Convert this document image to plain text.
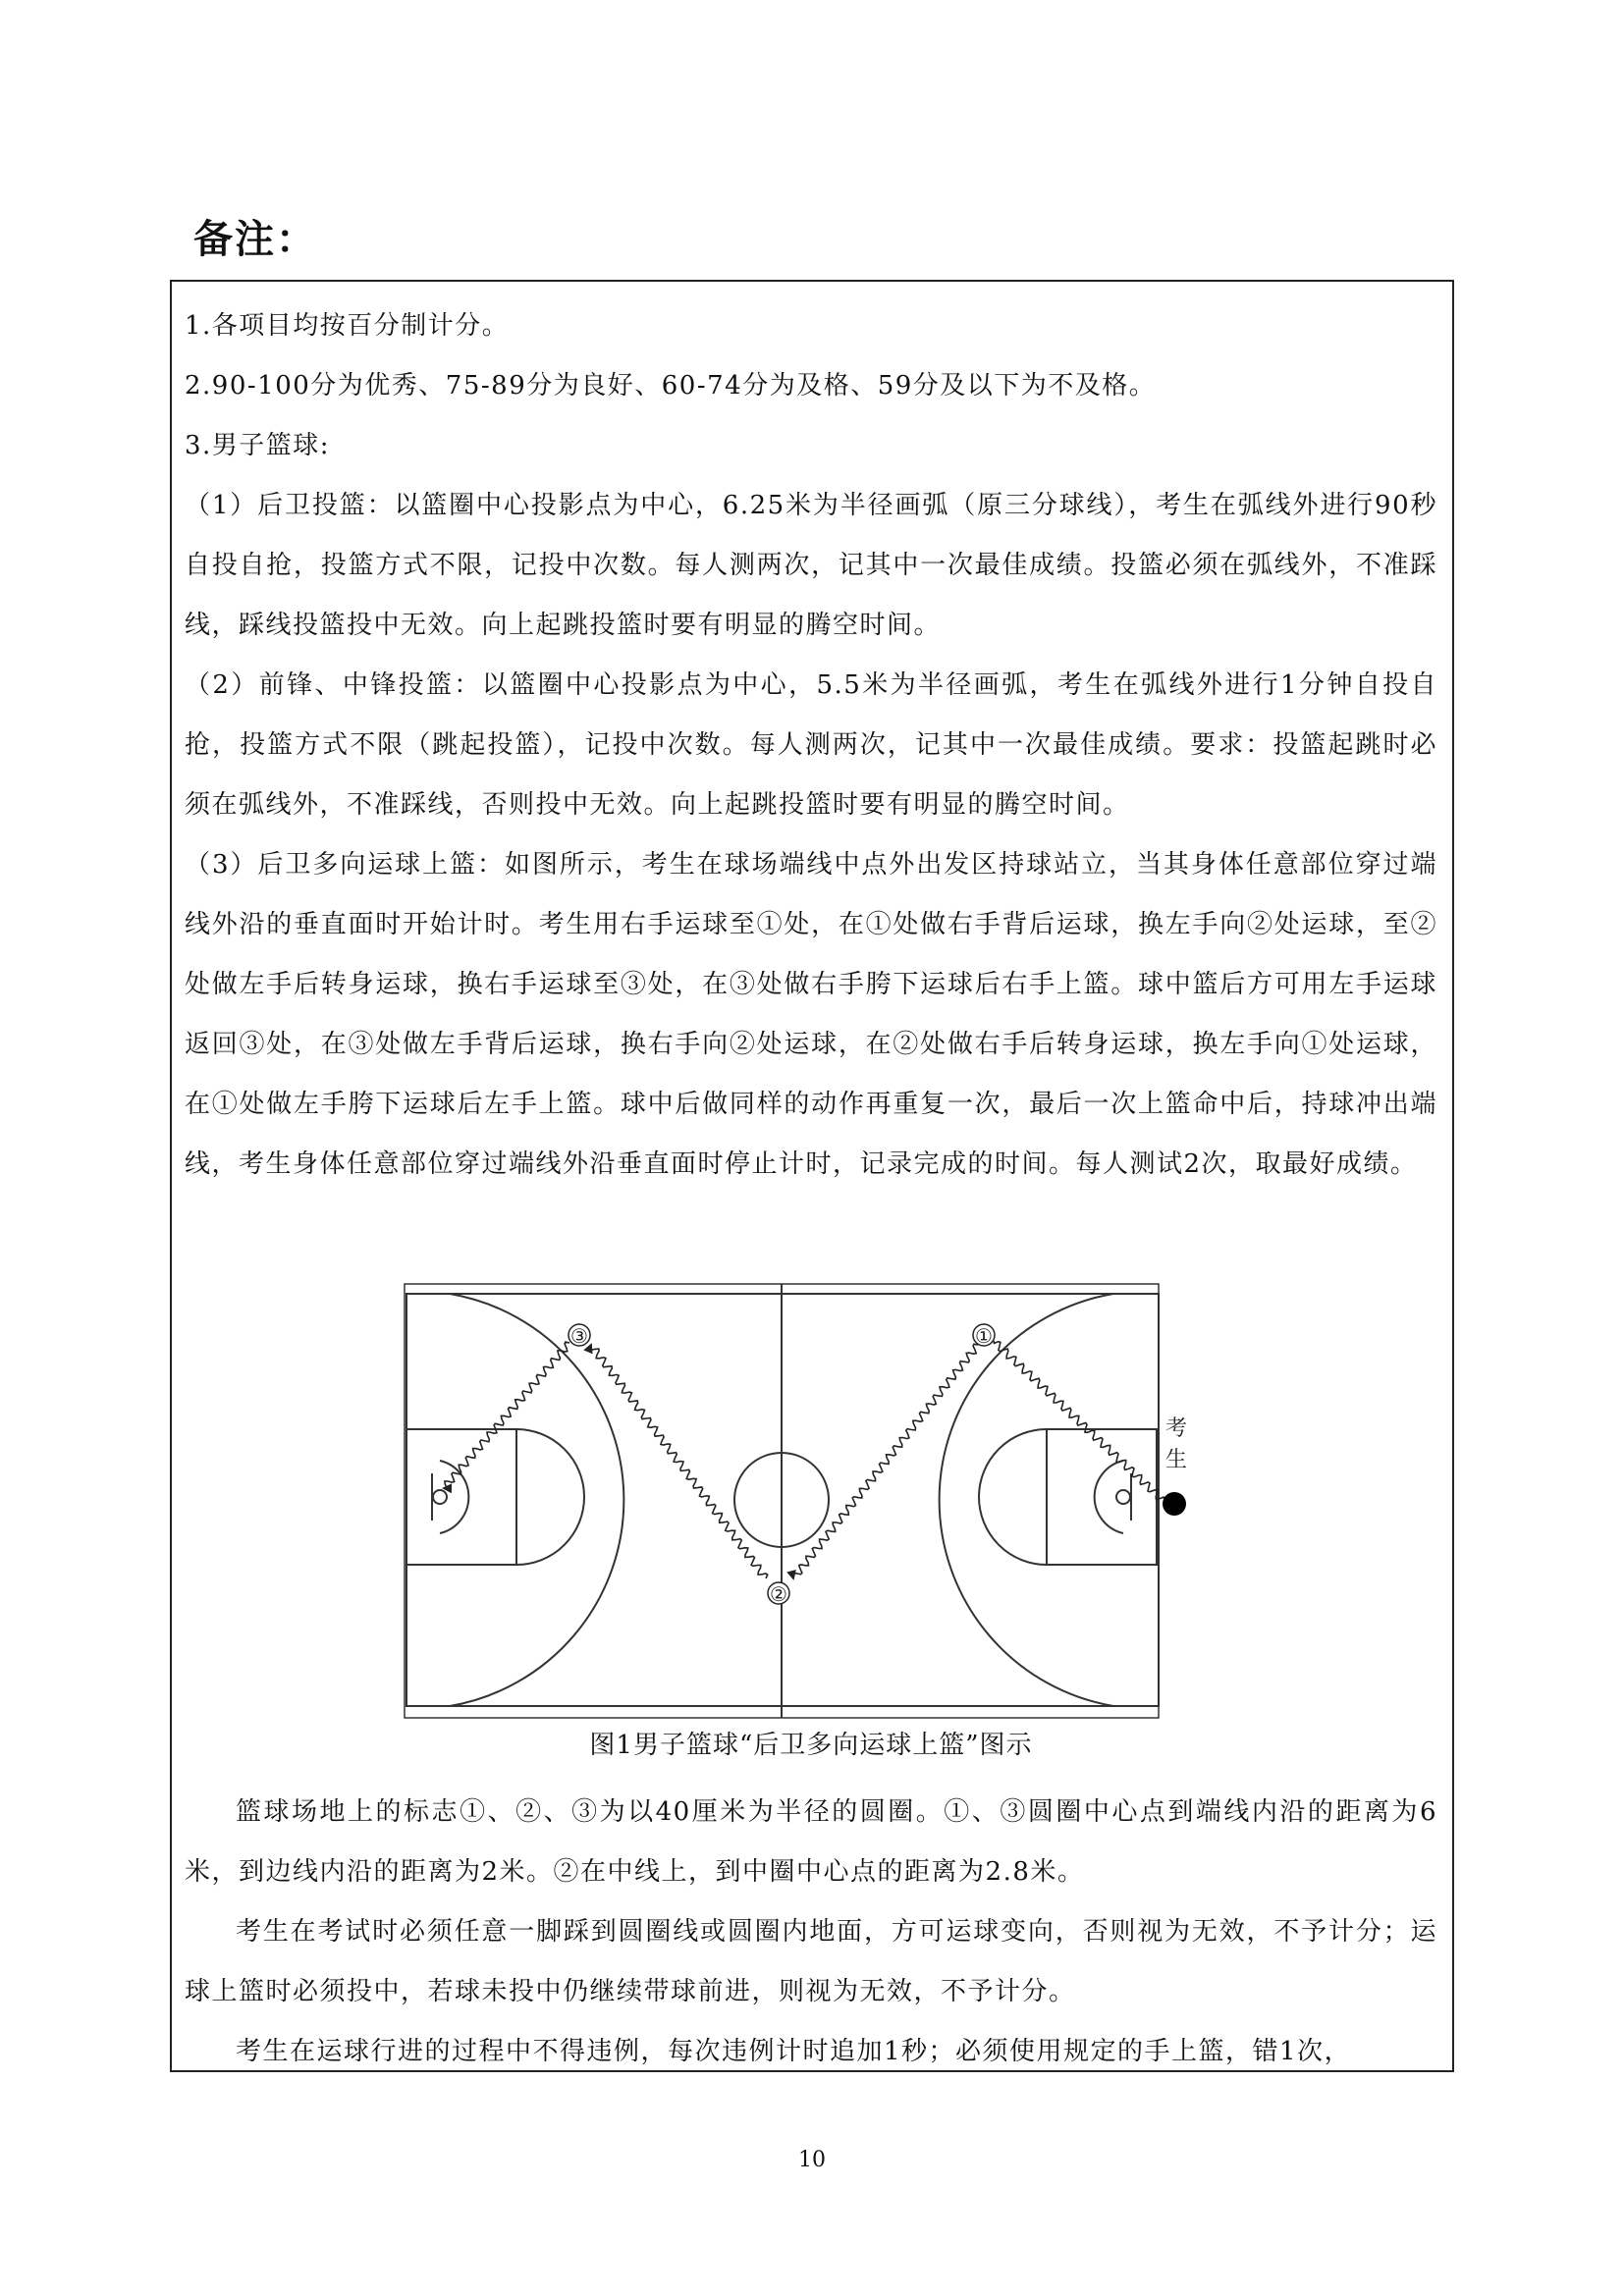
备注：

1.各项目均按百分制计分。

2.90-100分为优秀、75-89分为良好、60-74分为及格、59分及以下为不及格。

3.男子篮球:

（1）后卫投篮：以篮圈中心投影点为中心，6.25米为半径画弧（原三分球线），考生在弧线外进行90秒自投自抢，投篮方式不限，记投中次数。每人测两次，记其中一次最佳成绩。投篮必须在弧线外，不准踩线，踩线投篮投中无效。向上起跳投篮时要有明显的腾空时间。

（2）前锋、中锋投篮：以篮圈中心投影点为中心，5.5米为半径画弧，考生在弧线外进行1分钟自投自抢，投篮方式不限（跳起投篮），记投中次数。每人测两次，记其中一次最佳成绩。要求：投篮起跳时必须在弧线外，不准踩线，否则投中无效。向上起跳投篮时要有明显的腾空时间。

（3）后卫多向运球上篮：如图所示，考生在球场端线中点外出发区持球站立，当其身体任意部位穿过端线外沿的垂直面时开始计时。考生用右手运球至①处，在①处做右手背后运球，换左手向②处运球，至②处做左手后转身运球，换右手运球至③处，在③处做右手胯下运球后右手上篮。球中篮后方可用左手运球返回③处，在③处做左手背后运球，换右手向②处运球，在②处做右手后转身运球，换左手向①处运球，在①处做左手胯下运球后左手上篮。球中后做同样的动作再重复一次，最后一次上篮命中后，持球冲出端线，考生身体任意部位穿过端线外沿垂直面时停止计时，记录完成的时间。每人测试2次，取最好成绩。

③	①
②
考
生

图1男子篮球“后卫多向运球上篮”图示

篮球场地上的标志①、②、③为以40厘米为半径的圆圈。①、③圆圈中心点到端线内沿的距离为6米，到边线内沿的距离为2米。②在中线上，到中圈中心点的距离为2.8米。

考生在考试时必须任意一脚踩到圆圈线或圆圈内地面，方可运球变向，否则视为无效，不予计分；运球上篮时必须投中，若球未投中仍继续带球前进，则视为无效，不予计分。

考生在运球行进的过程中不得违例，每次违例计时追加1秒；必须使用规定的手上篮，错1次，

10
